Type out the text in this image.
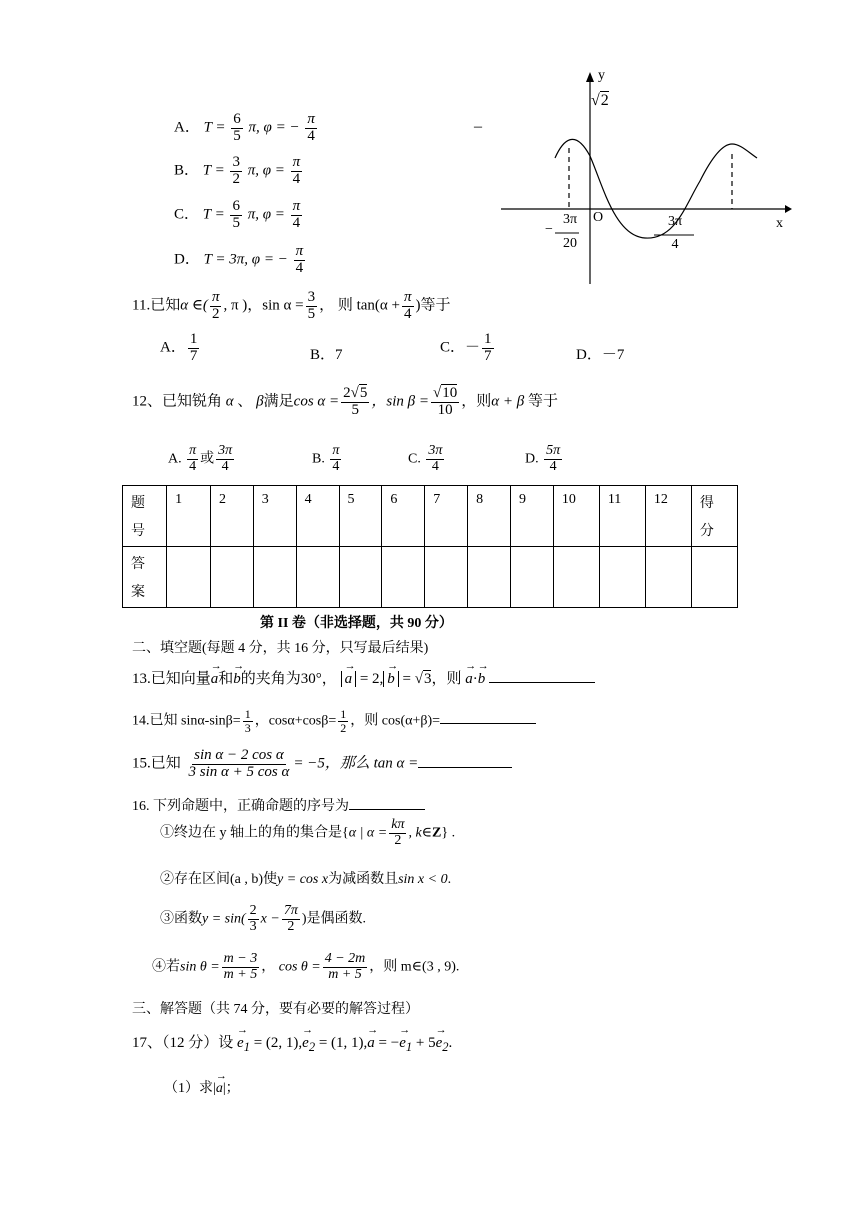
A． $T = \frac{6}{5} \pi$, φ = − $\frac{\pi}{4}$
B． $T = \frac{3}{2} \pi$, $\varphi = \frac{\pi}{4}$
C． $T = \frac{6}{5} \pi$, $\varphi = \frac{\pi}{4}$
D． T = 3π, φ = − $\frac{\pi}{4}$
–
y
√2
x
O
−
3π
20
3π
4
11.已知α ∈( $\frac{\pi}{2}$ , π )，$\sin \alpha = \frac{3}{5}$ ， 则 $\tan(\alpha + \frac{\pi}{4}$ )等于
A． $\frac{1}{7}$	B．7	C．－ $\frac{1}{7}$	D．－7
12、已知锐角 α 、 β满足$\cos \alpha = \frac{2√5}{5}$ ，$\sin \beta = \frac{√10}{10}$ ，则α + β 等于
A. $\frac{\pi}{4}$ 或 $\frac{3\pi}{4}$	B. $\frac{\pi}{4}$	C. $\frac{3\pi}{4}$	D. $\frac{5\pi}{4}$
题
号	1	2	3	4	5	6	7	8	9	10	11	12	得
分
答
案													
第 II 卷（非选择题，共 90 分）
二、填空题(每题 4 分，共 16 分，只写最后结果)
13.已知向量→ a和→ b的夹角为30°， → a = 2, → b = √3，则 → a·→ b
14.已知 $\sin\alpha-\sin\beta= \frac{1}{3}$ ，$\cos\alpha+\cos\beta= \frac{1}{2}$ ，则 cos(α+β)=
15.已知 $\frac{\text{sin α − 2 cos α}}{\text{3 sin α + 5 cos α}} = -5$，那么 tan α =
16. 下列命题中，正确命题的序号为
①终边在 y 轴上的角的集合是{α | $\alpha = \frac{k\pi}{2}$ , k∈Z} .
②存在区间(a , b)使y = cos x为减函数且sin x < 0.
③函数$y = \sin( \frac{2}{3}$ $x - \frac{7\pi}{2}$ )是偶函数.
④若$\sin \theta = \frac{m - 3}{m + 5}$ ， $\cos \theta = \frac{4 - 2m}{m + 5}$ ，则 m∈(3 , 9).
三、解答题（共 74 分，要有必要的解答过程）
17、（12 分）设 → $e_1 = (2$, $1),\to e_2 = (1$, 1),→ a = −→ $e_1 + 5\to e_2$.
（1）求|→ a|；
